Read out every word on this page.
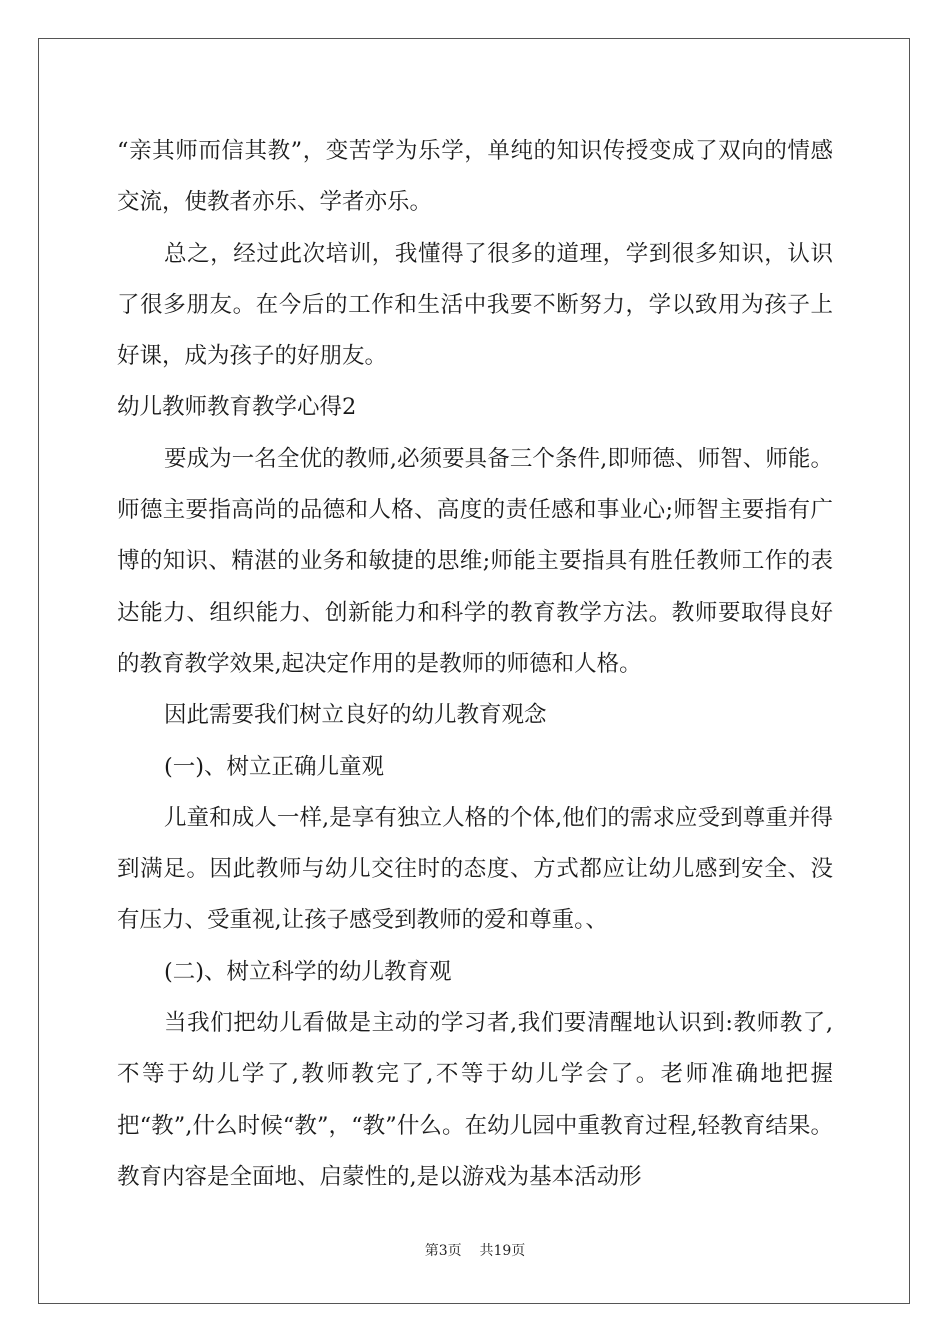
“亲其师而信其教”，变苦学为乐学，单纯的知识传授变成了双向的情感交流，使教者亦乐、学者亦乐。

总之，经过此次培训，我懂得了很多的道理，学到很多知识，认识了很多朋友。在今后的工作和生活中我要不断努力，学以致用为孩子上好课，成为孩子的好朋友。

幼儿教师教育教学心得2

要成为一名全优的教师,必须要具备三个条件,即师德、师智、师能。师德主要指高尚的品德和人格、高度的责任感和事业心;师智主要指有广博的知识、精湛的业务和敏捷的思维;师能主要指具有胜任教师工作的表达能力、组织能力、创新能力和科学的教育教学方法。教师要取得良好的教育教学效果,起决定作用的是教师的师德和人格。

因此需要我们树立良好的幼儿教育观念

(一)、树立正确儿童观

儿童和成人一样,是享有独立人格的个体,他们的需求应受到尊重并得到满足。因此教师与幼儿交往时的态度、方式都应让幼儿感到安全、没有压力、受重视,让孩子感受到教师的爱和尊重。、

(二)、树立科学的幼儿教育观

当我们把幼儿看做是主动的学习者,我们要清醒地认识到:教师教了,不等于幼儿学了,教师教完了,不等于幼儿学会了。老师准确地把握把“教”,什么时候“教”，“教”什么。在幼儿园中重教育过程,轻教育结果。教育内容是全面地、启蒙性的,是以游戏为基本活动形

第3页 共19页
